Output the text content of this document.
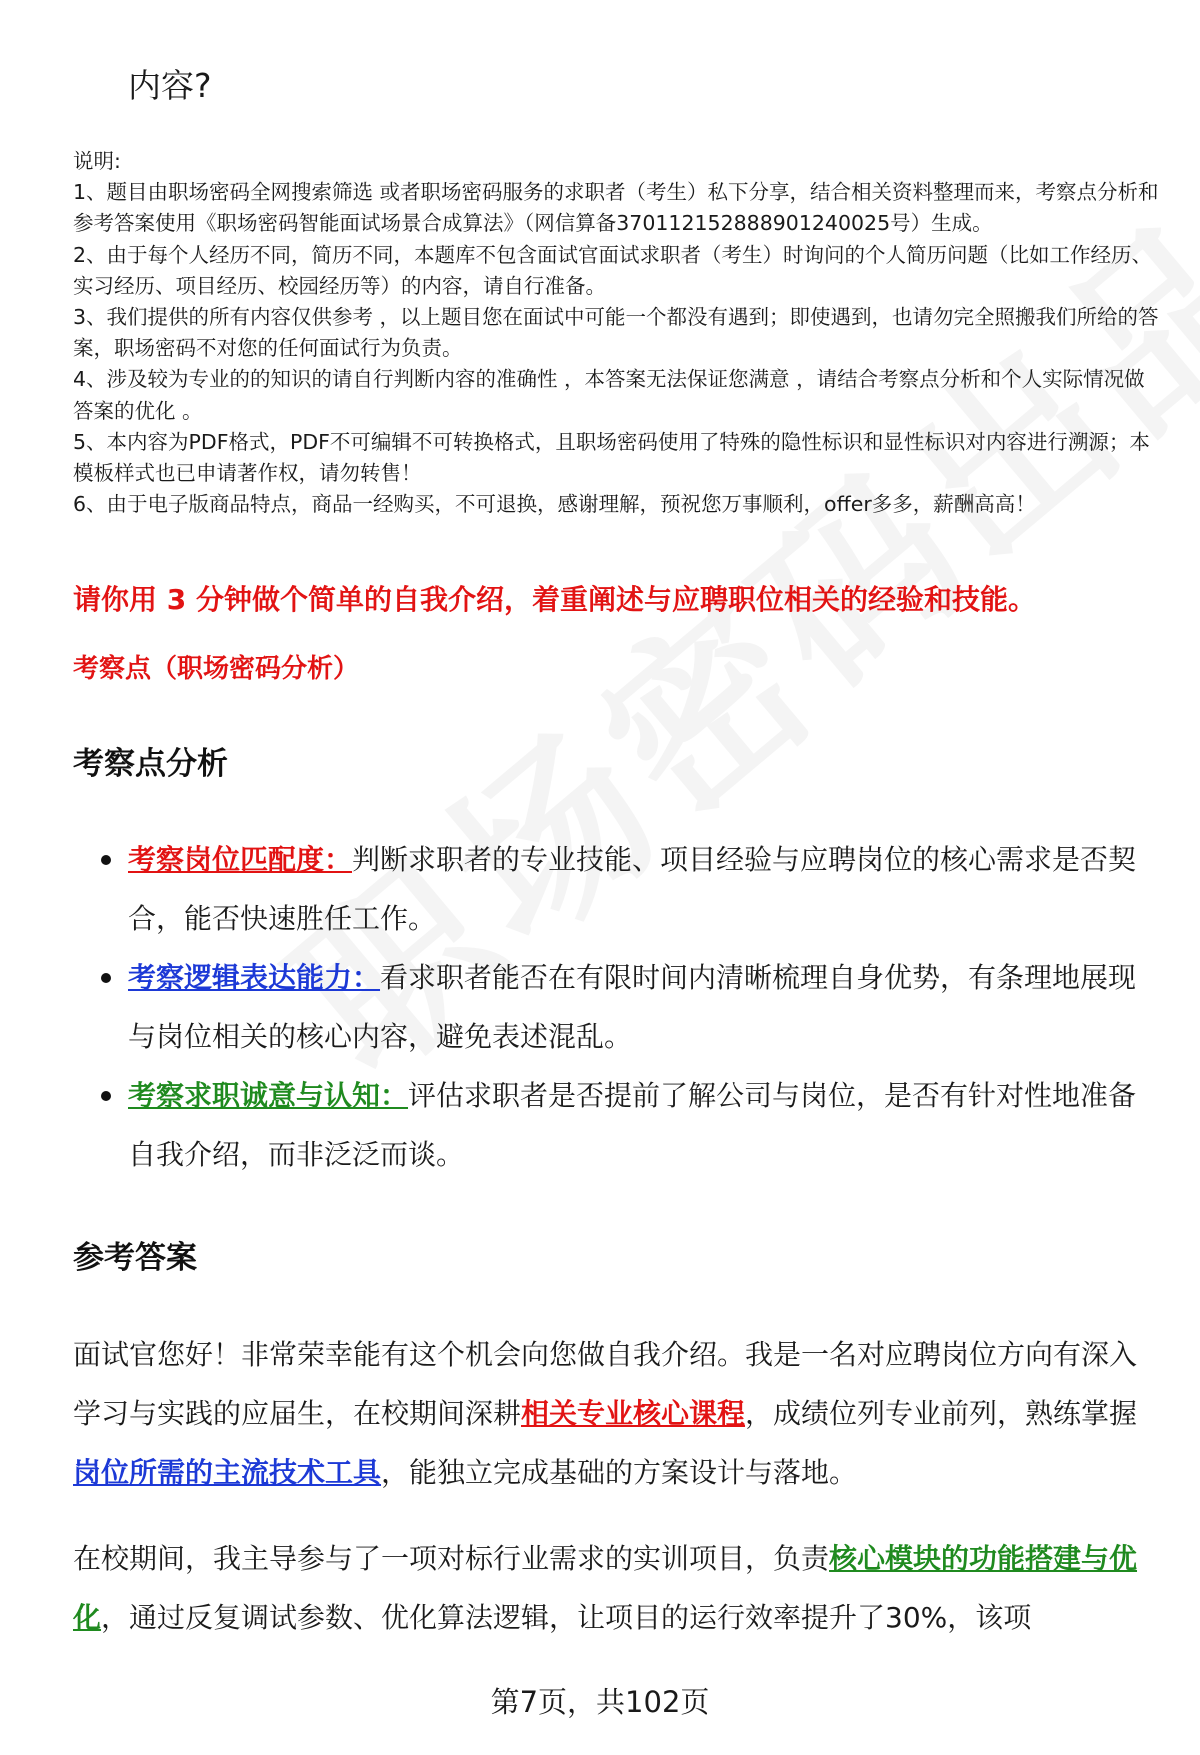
内容?

说明:

1、题目由职场密码全网搜索筛选 或者职场密码服务的求职者（考生）私下分享，结合相关资料整理而来，考察点分析和参考答案使用《职场密码智能面试场景合成算法》（网信算备370112152888901240025号）生成。

2、由于每个人经历不同，简历不同，本题库不包含面试官面试求职者（考生）时询问的个人简历问题（比如工作经历、实习经历、项目经历、校园经历等）的内容，请自行准备。

3、我们提供的所有内容仅供参考 ，以上题目您在面试中可能一个都没有遇到；即使遇到，也请勿完全照搬我们所给的答案，职场密码不对您的任何面试行为负责。

4、涉及较为专业的的知识的请自行判断内容的准确性 ，本答案无法保证您满意 ，请结合考察点分析和个人实际情况做答案的优化 。

5、本内容为PDF格式，PDF不可编辑不可转换格式，且职场密码使用了特殊的隐性标识和显性标识对内容进行溯源；本模板样式也已申请著作权，请勿转售！

6、由于电子版商品特点，商品一经购买，不可退换，感谢理解，预祝您万事顺利，offer多多，薪酬高高！

请你用 3 分钟做个简单的自我介绍，着重阐述与应聘职位相关的经验和技能。
考察点（职场密码分析）
考察点分析
考察岗位匹配度：判断求职者的专业技能、项目经验与应聘岗位的核心需求是否契合，能否快速胜任工作。
考察逻辑表达能力：看求职者能否在有限时间内清晰梳理自身优势，有条理地展现与岗位相关的核心内容，避免表述混乱。
考察求职诚意与认知：评估求职者是否提前了解公司与岗位，是否有针对性地准备自我介绍，而非泛泛而谈。
参考答案

面试官您好！非常荣幸能有这个机会向您做自我介绍。我是一名对应聘岗位方向有深入学习与实践的应届生，在校期间深耕相关专业核心课程，成绩位列专业前列，熟练掌握岗位所需的主流技术工具，能独立完成基础的方案设计与落地。

在校期间，我主导参与了一项对标行业需求的实训项目，负责核心模块的功能搭建与优化，通过反复调试参数、优化算法逻辑，让项目的运行效率提升了30%，该项

第7页，共102页
